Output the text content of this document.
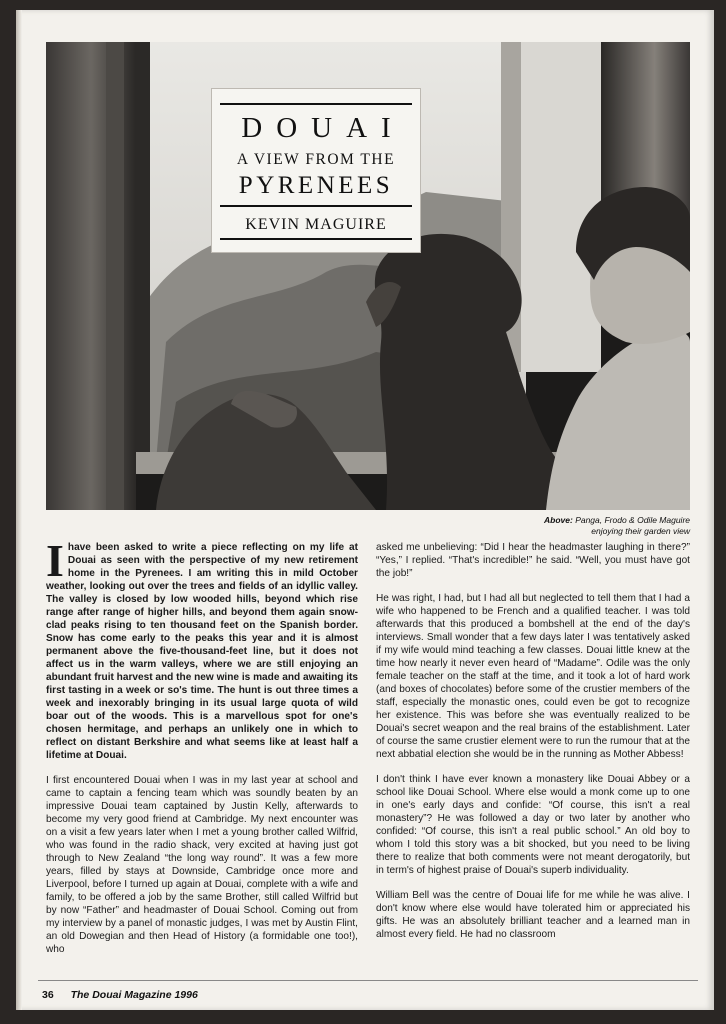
DOUAI
A VIEW FROM THE
PYRENEES
KEVIN MAGUIRE
Above: Panga, Frodo & Odile Maguire
enjoying their garden view

Ihave been asked to write a piece reflecting on my life at Douai as seen with the perspective of my new retirement home in the Pyrenees. I am writing this in mild October weather, looking out over the trees and fields of an idyllic valley. The valley is closed by low wooded hills, beyond which rise range after range of higher hills, and beyond them again snow-clad peaks rising to ten thousand feet on the Spanish border. Snow has come early to the peaks this year and it is almost permanent above the five-thousand-feet line, but it does not affect us in the warm valleys, where we are still enjoying an abundant fruit harvest and the new wine is made and awaiting its first tasting in a week or so's time. The hunt is out three times a week and inexorably bringing in its usual large quota of wild boar out of the woods. This is a marvellous spot for one's chosen hermitage, and perhaps an unlikely one in which to reflect on distant Berkshire and what seems like at least half a lifetime at Douai.

I first encountered Douai when I was in my last year at school and came to captain a fencing team which was soundly beaten by an impressive Douai team captained by Justin Kelly, afterwards to become my very good friend at Cambridge. My next encounter was on a visit a few years later when I met a young brother called Wilfrid, who was found in the radio shack, very excited at having just got through to New Zealand “the long way round”. It was a few more years, filled by stays at Downside, Cambridge once more and Liverpool, before I turned up again at Douai, complete with a wife and family, to be offered a job by the same Brother, still called Wilfrid but by now “Father” and headmaster of Douai School. Coming out from my interview by a panel of monastic judges, I was met by Austin Flint, an old Dowegian and then Head of History (a formidable one too!), who

asked me unbelieving: “Did I hear the headmaster laughing in there?” “Yes,” I replied. “That's incredible!” he said. “Well, you must have got the job!”

He was right, I had, but I had all but neglected to tell them that I had a wife who happened to be French and a qualified teacher. I was told afterwards that this produced a bombshell at the end of the day's interviews. Small wonder that a few days later I was tentatively asked if my wife would mind teaching a few classes. Douai little knew at the time how nearly it never even heard of “Madame”. Odile was the only female teacher on the staff at the time, and it took a lot of hard work (and boxes of chocolates) before some of the crustier members of the staff, especially the monastic ones, could even be got to recognize her existence. This was before she was eventually realized to be Douai's secret weapon and the real brains of the establishment. Later of course the same crustier element were to run the rumour that at the next abbatial election she would be in the running as Mother Abbess!

I don't think I have ever known a monastery like Douai Abbey or a school like Douai School. Where else would a monk come up to one in one's early days and confide: “Of course, this isn't a real monastery”? He was followed a day or two later by another who confided: “Of course, this isn't a real public school.” An old boy to whom I told this story was a bit shocked, but you need to be living there to realize that both comments were not meant derogatorily, but in term's of highest praise of Douai's superb individuality.

William Bell was the centre of Douai life for me while he was alive. I don't know where else would have tolerated him or appreciated his gifts. He was an absolutely brilliant teacher and a learned man in almost every field. He had no classroom

36 The Douai Magazine 1996
